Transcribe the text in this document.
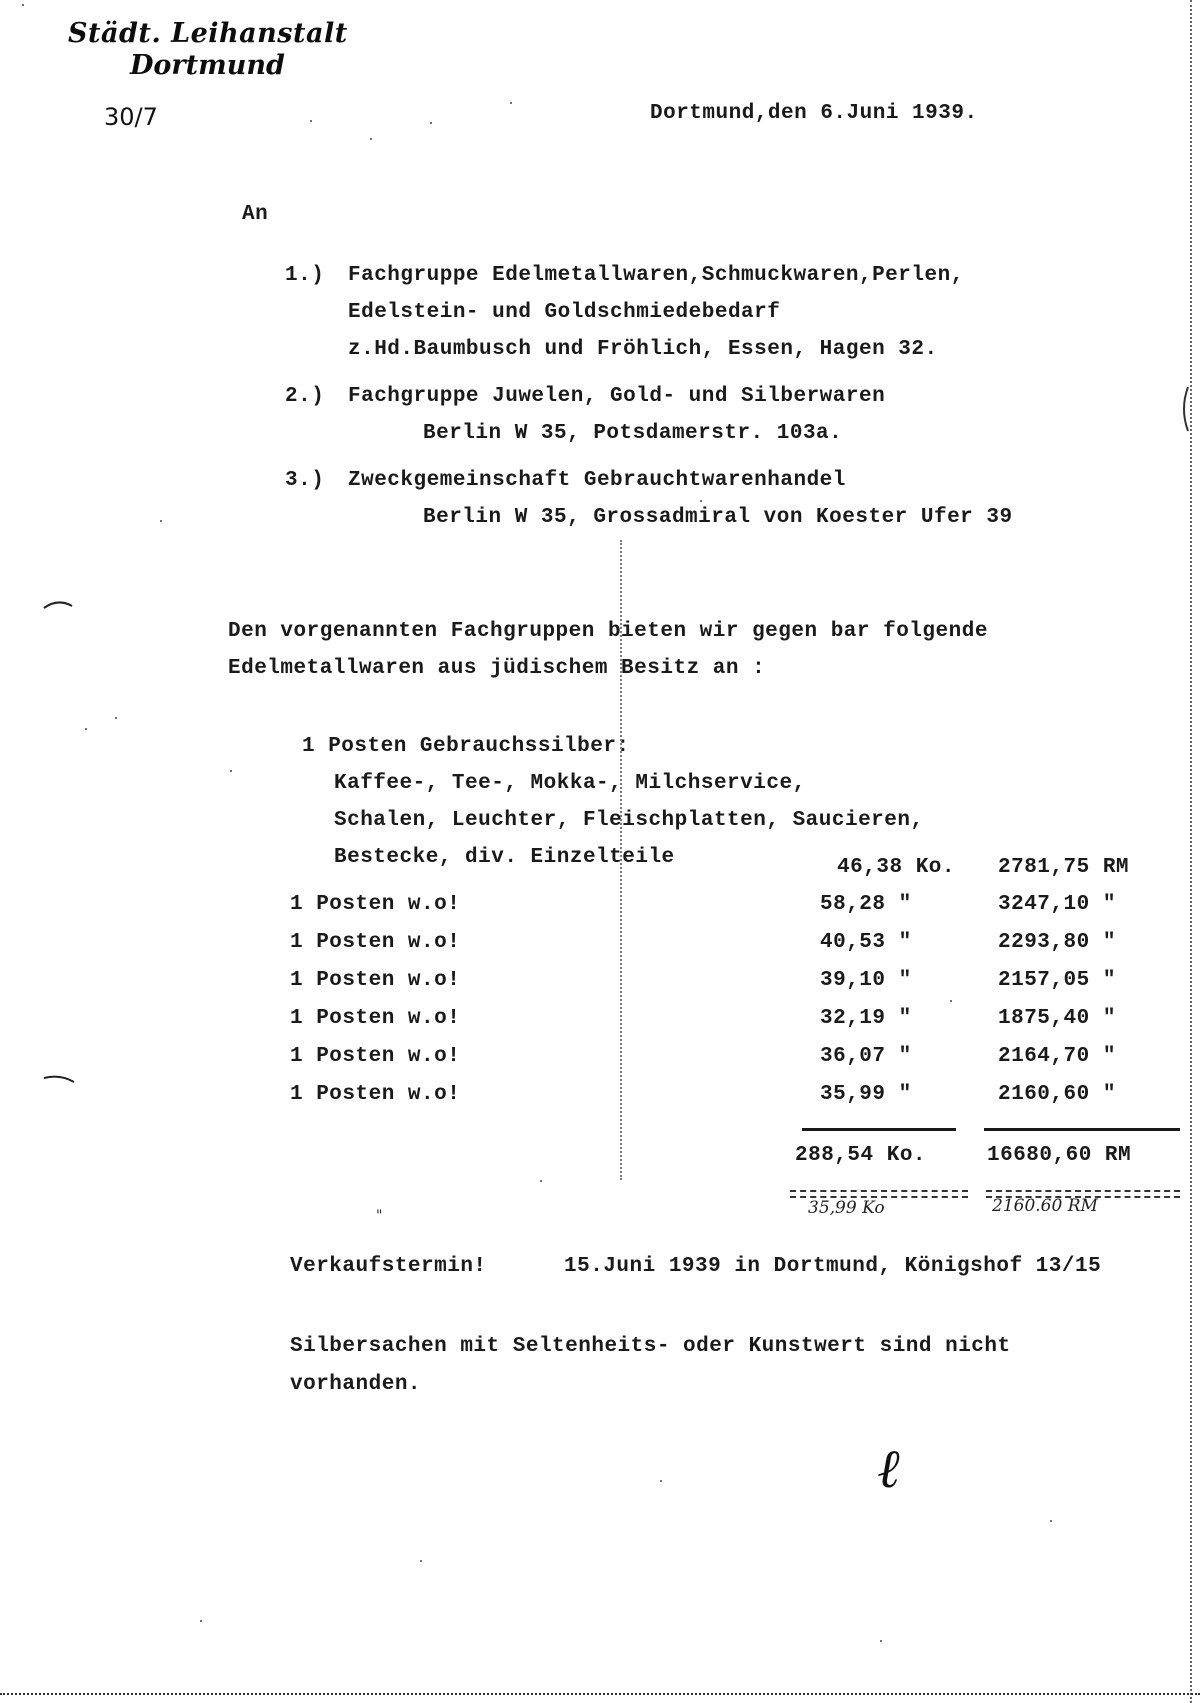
Städt. Leihanstalt
Dortmund
30/7	Dortmund,den 6.Juni 1939.
An
1.) Fachgruppe Edelmetallwaren,Schmuckwaren,Perlen,
Edelstein- und Goldschmiedebedarf
z.Hd.Baumbusch und Fröhlich, Essen, Hagen 32.
2.) Fachgruppe Juwelen, Gold- und Silberwaren
Berlin W 35, Potsdamerstr. 103a.
3.) Zweckgemeinschaft Gebrauchtwarenhandel
Berlin W 35, Grossadmiral von Koester Ufer 39
Den vorgenannten Fachgruppen bieten wir gegen bar folgende
Edelmetallwaren aus jüdischem Besitz an :
1 Posten Gebrauchssilber:
Kaffee-, Tee-, Mokka-, Milchservice,
Schalen, Leuchter, Fleischplatten, Saucieren,
Bestecke, div. Einzelteile	46,38 Ko. 2781,75 RM
1 Posten w.o!	58,28 "	3247,10 "
1 Posten w.o!	40,53 "	2293,80 "
1 Posten w.o!	39,10 "	2157,05 "
1 Posten w.o!	32,19 "	1875,40 "
1 Posten w.o!	36,07 "	2164,70 "
1 Posten w.o!	35,99 "	2160,60 "
288,54 Ko.	16680,60 RM
35,99 Ko	2160.60 RM
"
Verkaufstermin!	15.Juni 1939 in Dortmund, Königshof 13/15
Silbersachen mit Seltenheits- oder Kunstwert sind nicht
vorhanden.
ℓ
